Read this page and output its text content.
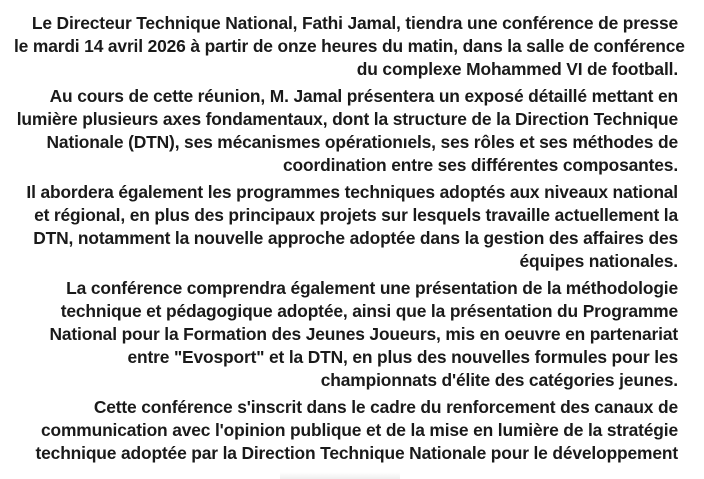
Le Directeur Technique National, Fathi Jamal, tiendra une conférence de presse
le mardi 14 avril 2026 à partir de onze heures du matin, dans la salle de conférence
du complexe Mohammed VI de football.
Au cours de cette réunion, M. Jamal présentera un exposé détaillé mettant en
lumière plusieurs axes fondamentaux, dont la structure de la Direction Technique
Nationale (DTN), ses mécanismes opérationıels, ses rôles et ses méthodes de
coordination entre ses différentes composantes.
Il abordera également les programmes techniques adoptés aux niveaux national
et régional, en plus des principaux projets sur lesquels travaille actuellement la
DTN, notamment la nouvelle approche adoptée dans la gestion des affaires des
équipes nationales.
La conférence comprendra également une présentation de la méthodologie
technique et pédagogique adoptée, ainsi que la présentation du Programme
National pour la Formation des Jeunes Joueurs, mis en oeuvre en partenariat
entre "Evosport" et la DTN, en plus des nouvelles formules pour les
championnats d'élite des catégories jeunes.
Cette conférence s'inscrit dans le cadre du renforcement des canaux de
communication avec l'opinion publique et de la mise en lumière de la stratégie
technique adoptée par la Direction Technique Nationale pour le développement
